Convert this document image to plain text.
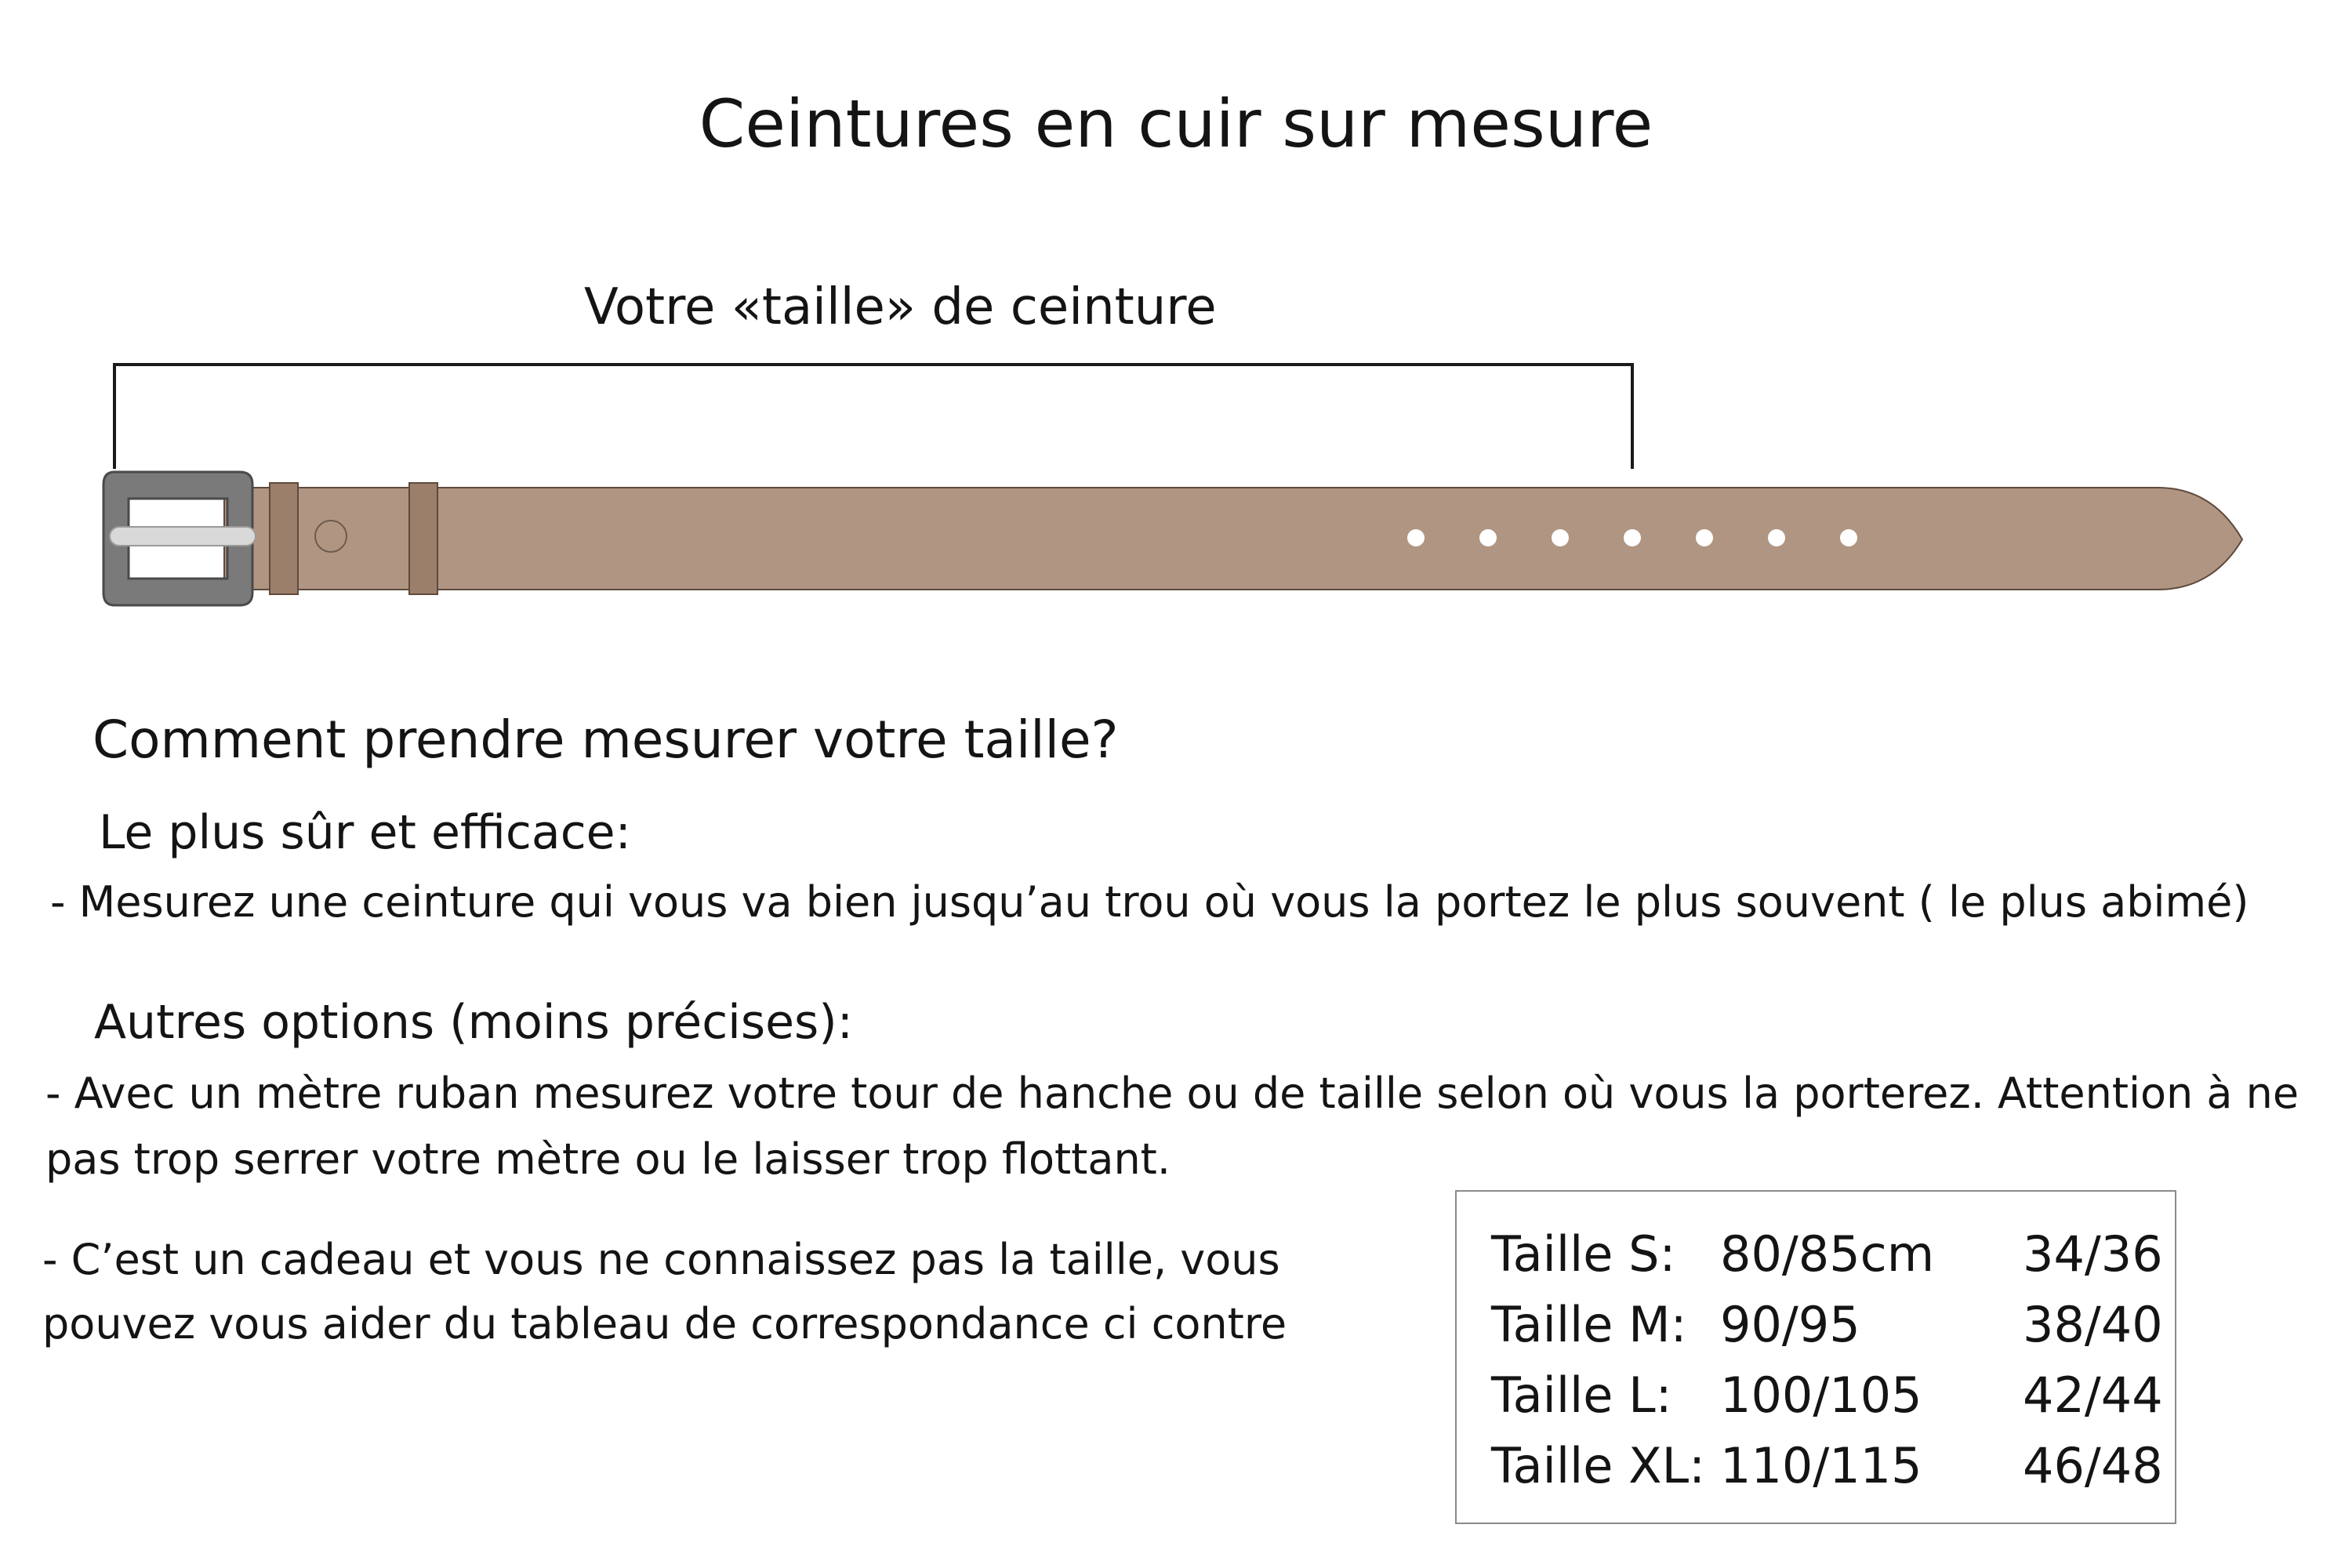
Ceintures en cuir sur mesure
Votre «taille» de ceinture
Comment prendre mesurer votre taille?
Le plus sûr et efficace:
- Mesurez une ceinture qui vous va bien jusqu’au trou où vous la portez le plus souvent ( le plus abimé)
Autres options (moins précises):
- Avec un mètre ruban mesurez votre tour de hanche ou de taille selon où vous la porterez. Attention à ne
pas trop serrer votre mètre ou le laisser trop flottant.
- C’est un cadeau et vous ne connaissez pas la taille, vous
pouvez vous aider du tableau de correspondance ci contre
Taille S: 80/85cm 34/36
Taille M: 90/95	38/40
Taille L: 100/105 42/44
Taille XL: 110/115 46/48
